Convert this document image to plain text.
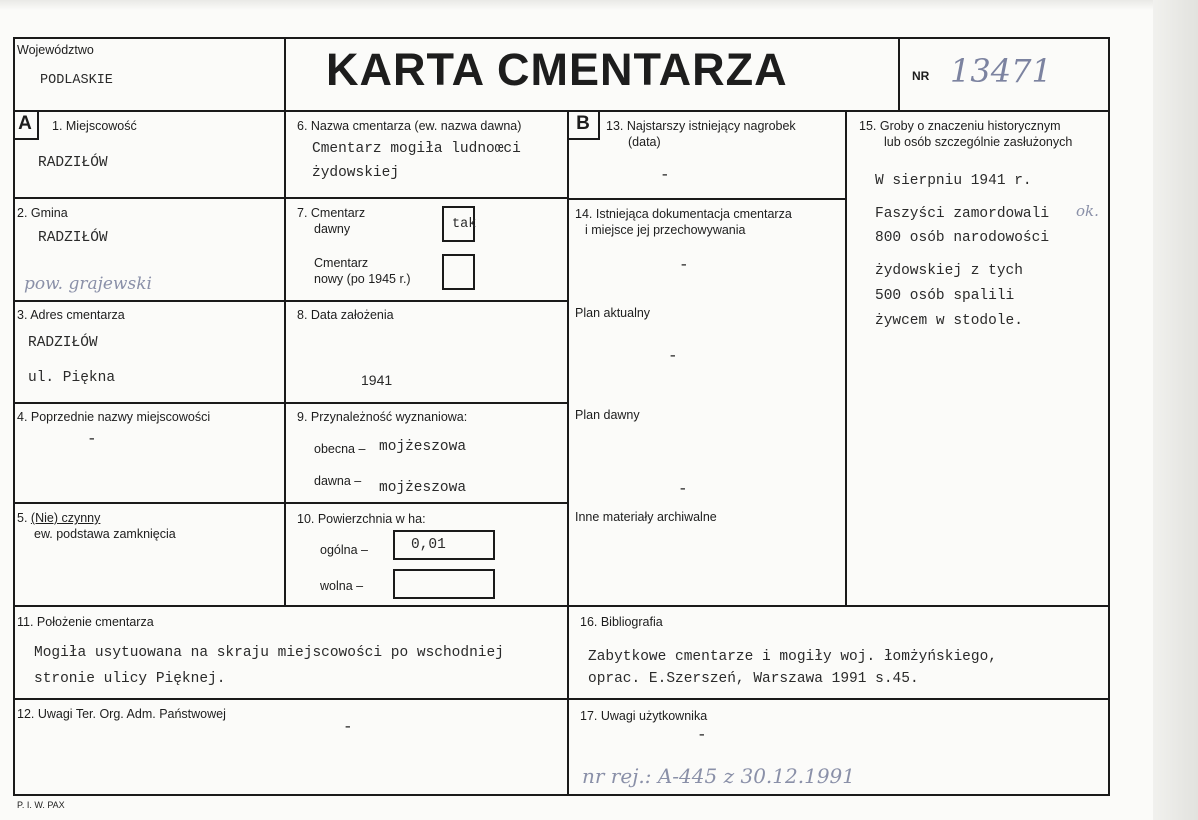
Województwo
PODLASKIE	KARTA CMENTARZA	NR 13471
A	B
1. Miejscowość
RADZIŁÓW
2. Gmina
RADZIŁÓW
pow. grajewski
3. Adres cmentarza
RADZIŁÓW
ul. Piękna
4. Poprzednie nazwy miejscowości
-
5. (Nie) czynny
ew. podstawa zamknięcia
6. Nazwa cmentarza (ew. nazwa dawna)
Cmentarz mogiła ludnoœci
żydowskiej
7. Cmentarz
dawny	tak
Cmentarz
nowy (po 1945 r.)
8. Data założenia
1941
9. Przynależność wyznaniowa:
obecna – mojżeszowa
dawna – mojżeszowa
10. Powierzchnia w ha:
ogólna –	0,01
wolna –
13. Najstarszy istniejący nagrobek
(data)
-
14. Istniejąca dokumentacja cmentarza
i miejsce jej przechowywania
-
Plan aktualny
-
Plan dawny
-
Inne materiały archiwalne
15. Groby o znaczeniu historycznym
lub osób szczególnie zasłużonych
W sierpniu 1941 r.
Faszyści zamordowali ok.
800 osób narodowości
żydowskiej z tych
500 osób spalili
żywcem w stodole.
11. Położenie cmentarza
Mogiła usytuowana na skraju miejscowości po wschodniej
stronie ulicy Pięknej.
16. Bibliografia
Zabytkowe cmentarze i mogiły woj. łomżyńskiego,
oprac. E.Szerszeń, Warszawa 1991 s.45.
12. Uwagi Ter. Org. Adm. Państwowej
-
17. Uwagi użytkownika
-
nr rej.: A-445 z 30.12.1991
P. I. W. PAX
